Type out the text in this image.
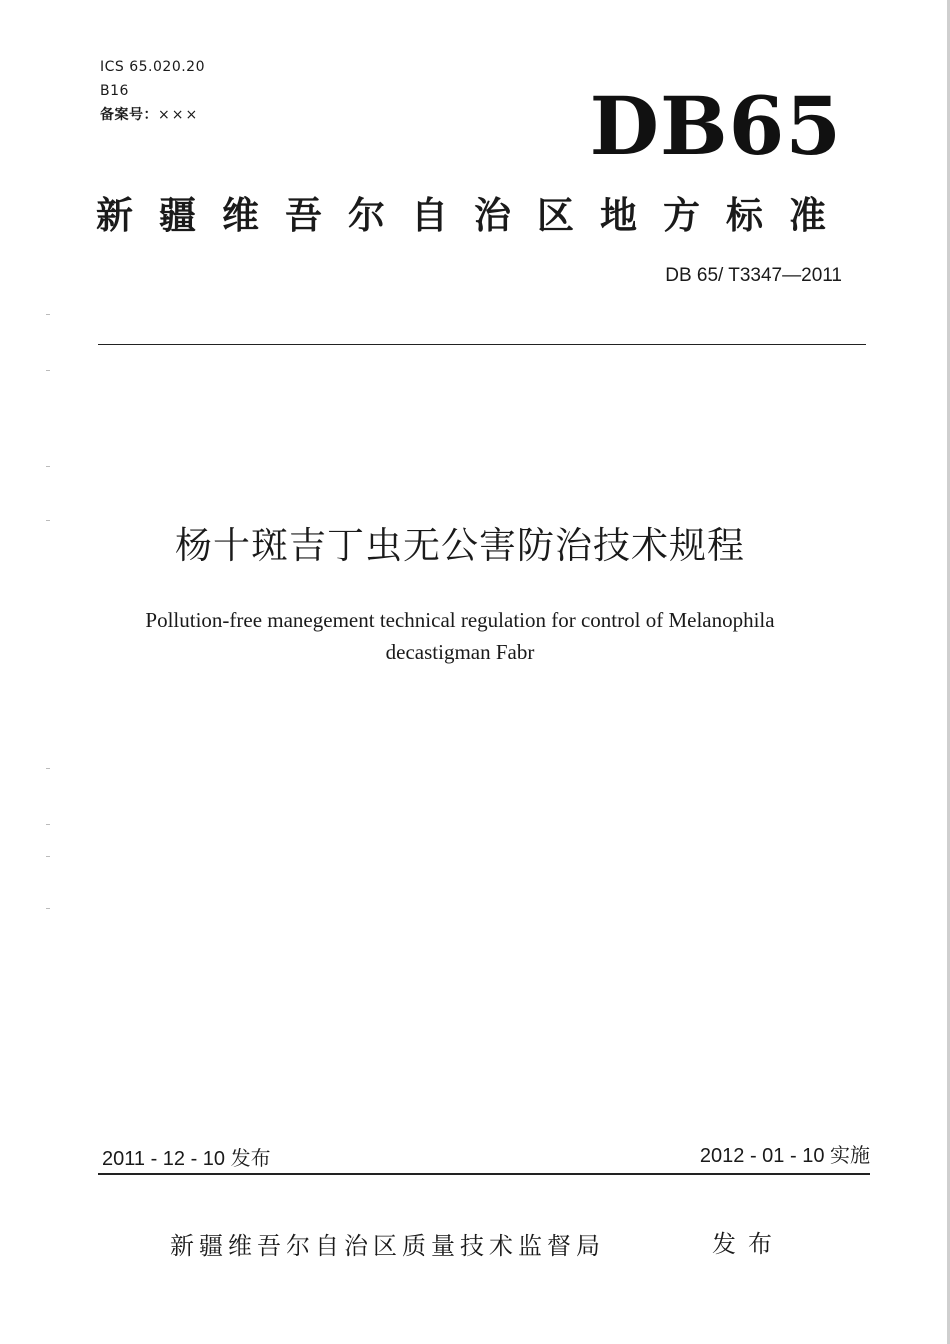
ICS 65.020.20
B16
备案号：×××	DB65
新疆维吾尔自治区地方标准
DB 65/ T3347—2011
杨十斑吉丁虫无公害防治技术规程
Pollution-free manegement technical regulation for control of Melanophila decastigman Fabr
2011 - 12 - 10 发布	2012 - 01 - 10 实施
新疆维吾尔自治区质量技术监督局	发布
